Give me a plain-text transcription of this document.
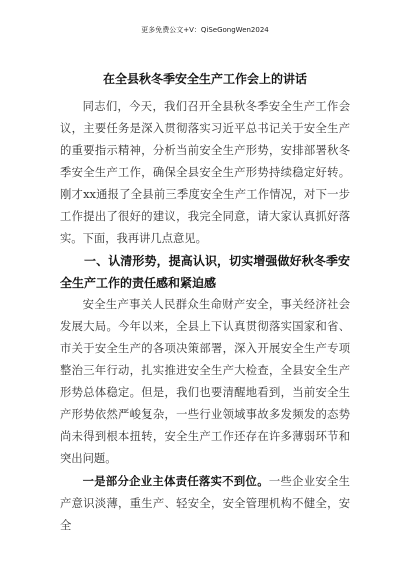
更多免费公文+V：QiSeGongWen2024
在全县秋冬季安全生产工作会上的讲话

同志们，今天，我们召开全县秋冬季安全生产工作会议，主要任务是深入贯彻落实习近平总书记关于安全生产的重要指示精神，分析当前安全生产形势，安排部署秋冬季安全生产工作，确保全县安全生产形势持续稳定好转。刚才xx通报了全县前三季度安全生产工作情况，对下一步工作提出了很好的建议，我完全同意，请大家认真抓好落实。下面，我再讲几点意见。

一、认清形势，提高认识，切实增强做好秋冬季安全生产工作的责任感和紧迫感

安全生产事关人民群众生命财产安全，事关经济社会发展大局。今年以来，全县上下认真贯彻落实国家和省、市关于安全生产的各项决策部署，深入开展安全生产专项整治三年行动，扎实推进安全生产大检查，全县安全生产形势总体稳定。但是，我们也要清醒地看到，当前安全生产形势依然严峻复杂，一些行业领域事故多发频发的态势尚未得到根本扭转，安全生产工作还存在许多薄弱环节和突出问题。

一是部分企业主体责任落实不到位。一些企业安全生产意识淡薄，重生产、轻安全，安全管理机构不健全，安全
